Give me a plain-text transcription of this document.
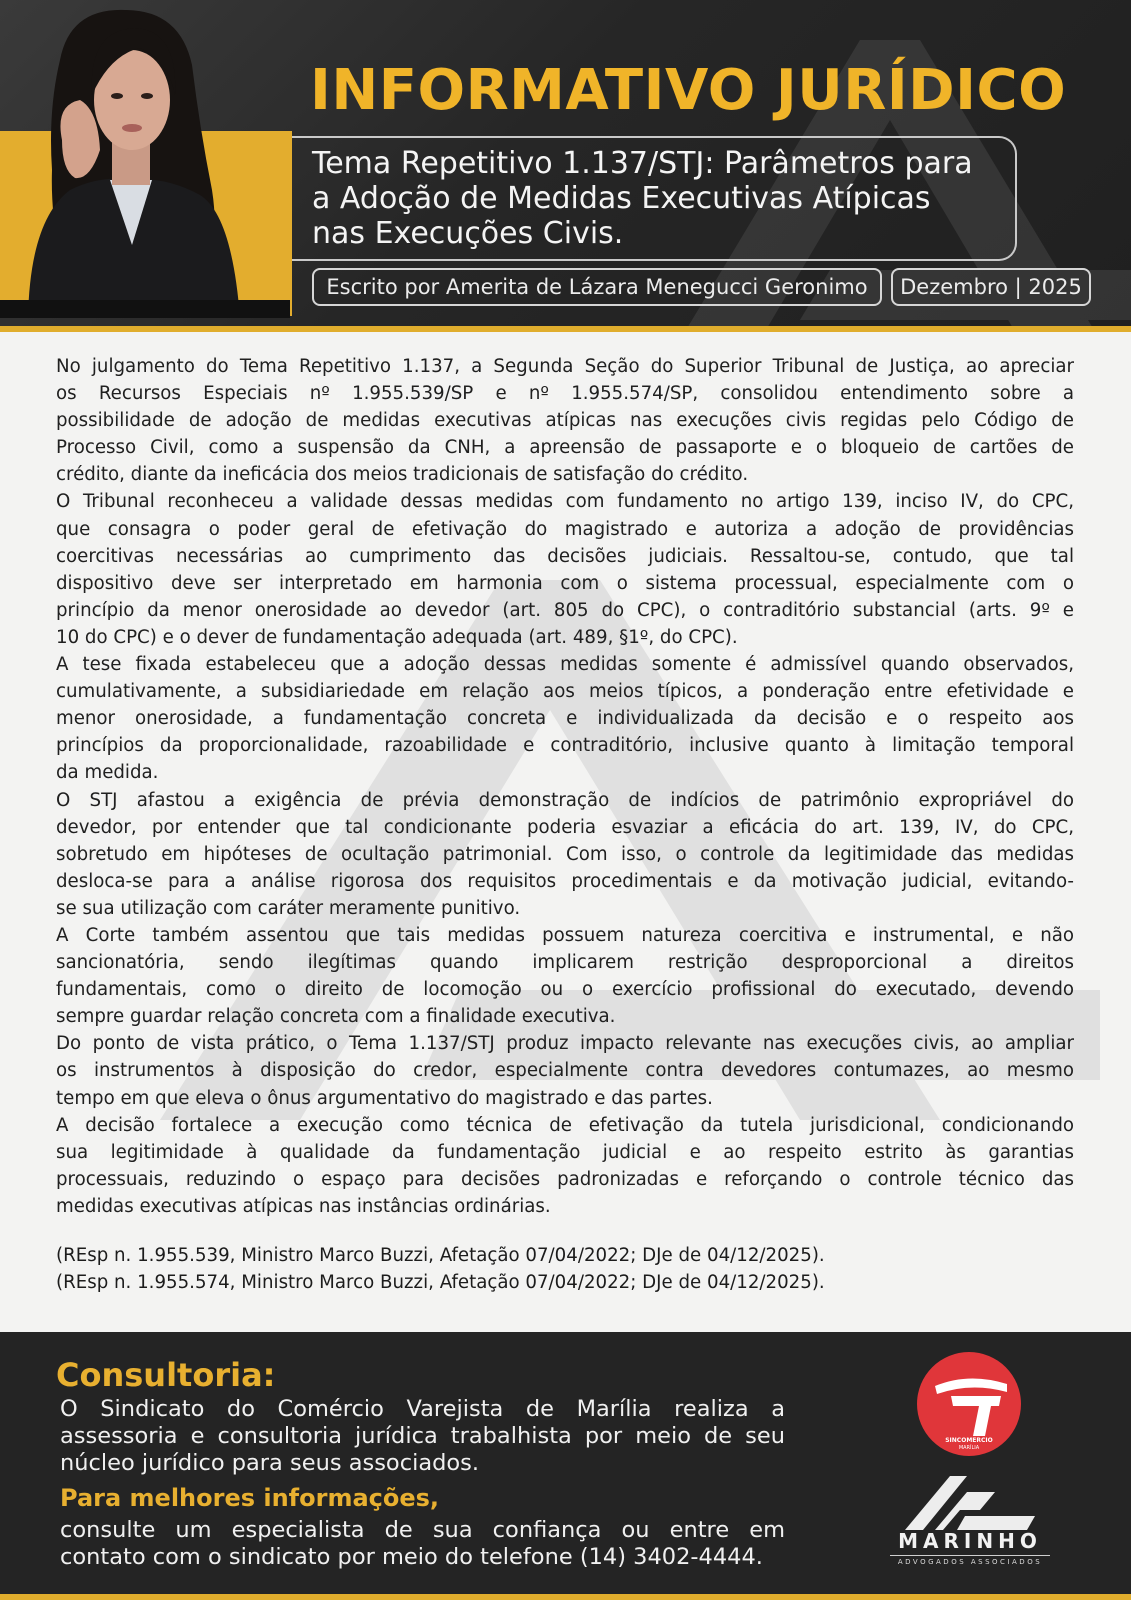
INFORMATIVO JURÍDICO
Tema Repetitivo 1.137/STJ: Parâmetros para
a Adoção de Medidas Executivas Atípicas
nas Execuções Civis.
Escrito por Amerita de Lázara Menegucci Geronimo	Dezembro | 2025
No julgamento do Tema Repetitivo 1.137, a Segunda Seção do Superior Tribunal de Justiça, ao apreciar
os Recursos Especiais nº 1.955.539/SP e nº 1.955.574/SP, consolidou entendimento sobre a
possibilidade de adoção de medidas executivas atípicas nas execuções civis regidas pelo Código de
Processo Civil, como a suspensão da CNH, a apreensão de passaporte e o bloqueio de cartões de
crédito, diante da ineficácia dos meios tradicionais de satisfação do crédito.
O Tribunal reconheceu a validade dessas medidas com fundamento no artigo 139, inciso IV, do CPC,
que consagra o poder geral de efetivação do magistrado e autoriza a adoção de providências
coercitivas necessárias ao cumprimento das decisões judiciais. Ressaltou-se, contudo, que tal
dispositivo deve ser interpretado em harmonia com o sistema processual, especialmente com o
princípio da menor onerosidade ao devedor (art. 805 do CPC), o contraditório substancial (arts. 9º e
10 do CPC) e o dever de fundamentação adequada (art. 489, §1º, do CPC).
A tese fixada estabeleceu que a adoção dessas medidas somente é admissível quando observados,
cumulativamente, a subsidiariedade em relação aos meios típicos, a ponderação entre efetividade e
menor onerosidade, a fundamentação concreta e individualizada da decisão e o respeito aos
princípios da proporcionalidade, razoabilidade e contraditório, inclusive quanto à limitação temporal
da medida.
O STJ afastou a exigência de prévia demonstração de indícios de patrimônio expropriável do
devedor, por entender que tal condicionante poderia esvaziar a eficácia do art. 139, IV, do CPC,
sobretudo em hipóteses de ocultação patrimonial. Com isso, o controle da legitimidade das medidas
desloca-se para a análise rigorosa dos requisitos procedimentais e da motivação judicial, evitando-
se sua utilização com caráter meramente punitivo.
A Corte também assentou que tais medidas possuem natureza coercitiva e instrumental, e não
sancionatória, sendo ilegítimas quando implicarem restrição desproporcional a direitos
fundamentais, como o direito de locomoção ou o exercício profissional do executado, devendo
sempre guardar relação concreta com a finalidade executiva.
Do ponto de vista prático, o Tema 1.137/STJ produz impacto relevante nas execuções civis, ao ampliar
os instrumentos à disposição do credor, especialmente contra devedores contumazes, ao mesmo
tempo em que eleva o ônus argumentativo do magistrado e das partes.
A decisão fortalece a execução como técnica de efetivação da tutela jurisdicional, condicionando
sua legitimidade à qualidade da fundamentação judicial e ao respeito estrito às garantias
processuais, reduzindo o espaço para decisões padronizadas e reforçando o controle técnico das
medidas executivas atípicas nas instâncias ordinárias.
(REsp n. 1.955.539, Ministro Marco Buzzi, Afetação 07/04/2022; DJe de 04/12/2025).
(REsp n. 1.955.574, Ministro Marco Buzzi, Afetação 07/04/2022; DJe de 04/12/2025).
Consultoria:
O Sindicato do Comércio Varejista de Marília realiza a
assessoria e consultoria jurídica trabalhista por meio de seu
núcleo jurídico para seus associados.
Para melhores informações,
consulte um especialista de sua confiança ou entre em
contato com o sindicato por meio do telefone (14) 3402-4444.
SINCOMERCIO
MARÍLIA
MARINHO
ADVOGADOS ASSOCIADOS
